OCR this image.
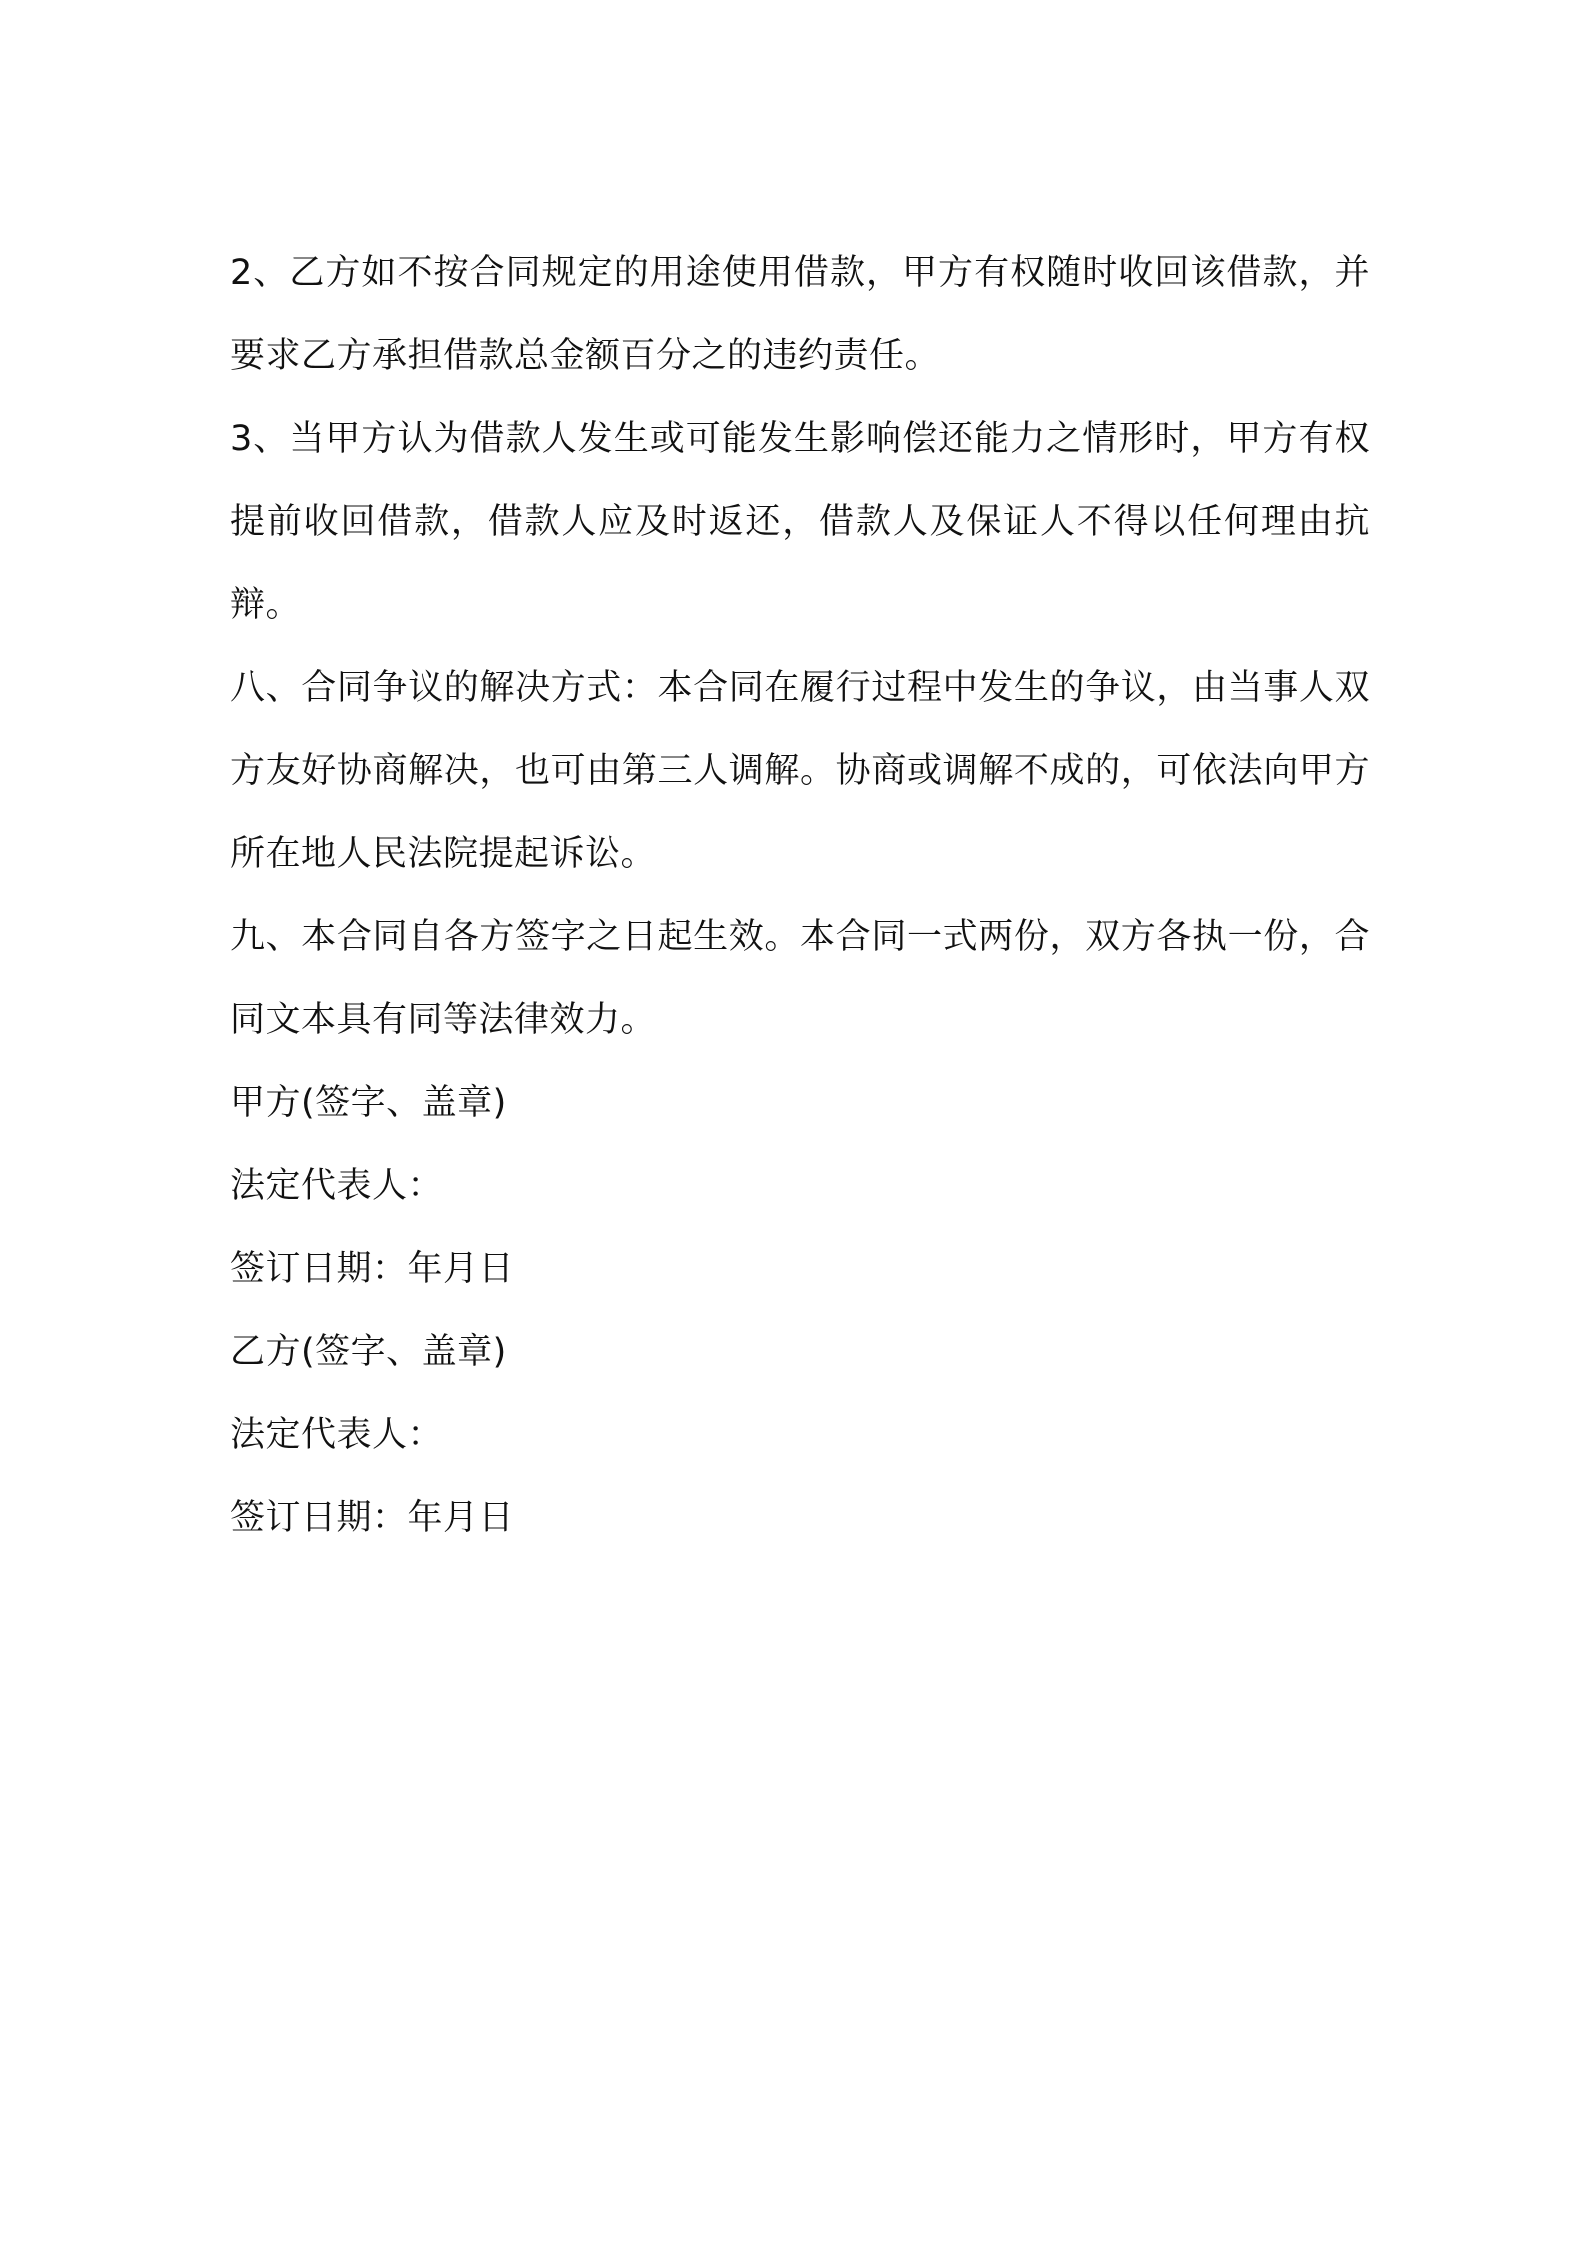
2、乙方如不按合同规定的用途使用借款，甲方有权随时收回该借款，并要求乙方承担借款总金额百分之的违约责任。

3、当甲方认为借款人发生或可能发生影响偿还能力之情形时，甲方有权提前收回借款，借款人应及时返还，借款人及保证人不得以任何理由抗辩。

八、合同争议的解决方式：本合同在履行过程中发生的争议，由当事人双方友好协商解决，也可由第三人调解。协商或调解不成的，可依法向甲方所在地人民法院提起诉讼。

九、本合同自各方签字之日起生效。本合同一式两份，双方各执一份，合同文本具有同等法律效力。

甲方(签字、盖章)

法定代表人：

签订日期：年月日

乙方(签字、盖章)

法定代表人：

签订日期：年月日
